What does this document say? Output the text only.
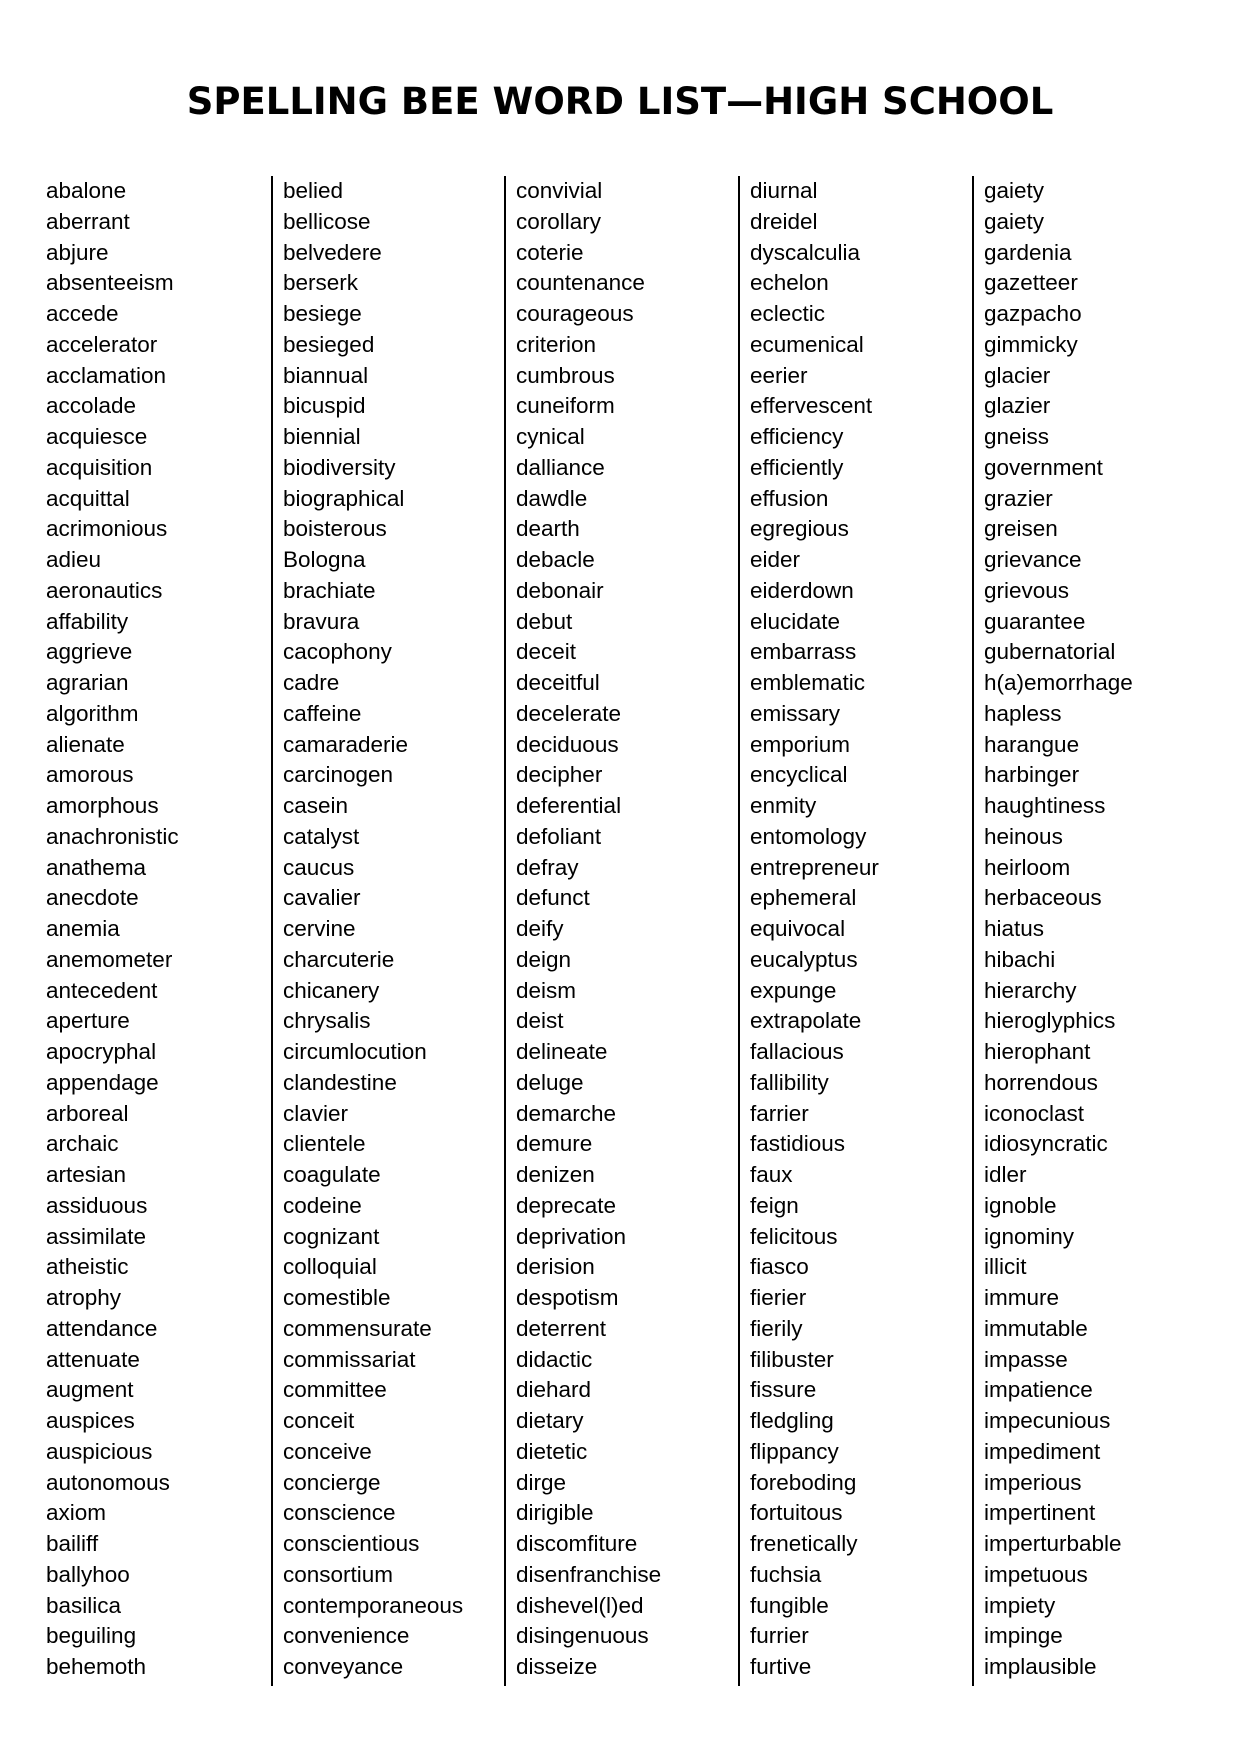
SPELLING BEE WORD LIST—HIGH SCHOOL
abalone
aberrant
abjure
absenteeism
accede
accelerator
acclamation
accolade
acquiesce
acquisition
acquittal
acrimonious
adieu
aeronautics
affability
aggrieve
agrarian
algorithm
alienate
amorous
amorphous
anachronistic
anathema
anecdote
anemia
anemometer
antecedent
aperture
apocryphal
appendage
arboreal
archaic
artesian
assiduous
assimilate
atheistic
atrophy
attendance
attenuate
augment
auspices
auspicious
autonomous
axiom
bailiff
ballyhoo
basilica
beguiling
behemoth
belied
bellicose
belvedere
berserk
besiege
besieged
biannual
bicuspid
biennial
biodiversity
biographical
boisterous
Bologna
brachiate
bravura
cacophony
cadre
caffeine
camaraderie
carcinogen
casein
catalyst
caucus
cavalier
cervine
charcuterie
chicanery
chrysalis
circumlocution
clandestine
clavier
clientele
coagulate
codeine
cognizant
colloquial
comestible
commensurate
commissariat
committee
conceit
conceive
concierge
conscience
conscientious
consortium
contemporaneous
convenience
conveyance
convivial
corollary
coterie
countenance
courageous
criterion
cumbrous
cuneiform
cynical
dalliance
dawdle
dearth
debacle
debonair
debut
deceit
deceitful
decelerate
deciduous
decipher
deferential
defoliant
defray
defunct
deify
deign
deism
deist
delineate
deluge
demarche
demure
denizen
deprecate
deprivation
derision
despotism
deterrent
didactic
diehard
dietary
dietetic
dirge
dirigible
discomfiture
disenfranchise
dishevel(l)ed
disingenuous
disseize
diurnal
dreidel
dyscalculia
echelon
eclectic
ecumenical
eerier
effervescent
efficiency
efficiently
effusion
egregious
eider
eiderdown
elucidate
embarrass
emblematic
emissary
emporium
encyclical
enmity
entomology
entrepreneur
ephemeral
equivocal
eucalyptus
expunge
extrapolate
fallacious
fallibility
farrier
fastidious
faux
feign
felicitous
fiasco
fierier
fierily
filibuster
fissure
fledgling
flippancy
foreboding
fortuitous
frenetically
fuchsia
fungible
furrier
furtive
gaiety
gaiety
gardenia
gazetteer
gazpacho
gimmicky
glacier
glazier
gneiss
government
grazier
greisen
grievance
grievous
guarantee
gubernatorial
h(a)emorrhage
hapless
harangue
harbinger
haughtiness
heinous
heirloom
herbaceous
hiatus
hibachi
hierarchy
hieroglyphics
hierophant
horrendous
iconoclast
idiosyncratic
idler
ignoble
ignominy
illicit
immure
immutable
impasse
impatience
impecunious
impediment
imperious
impertinent
imperturbable
impetuous
impiety
impinge
implausible
